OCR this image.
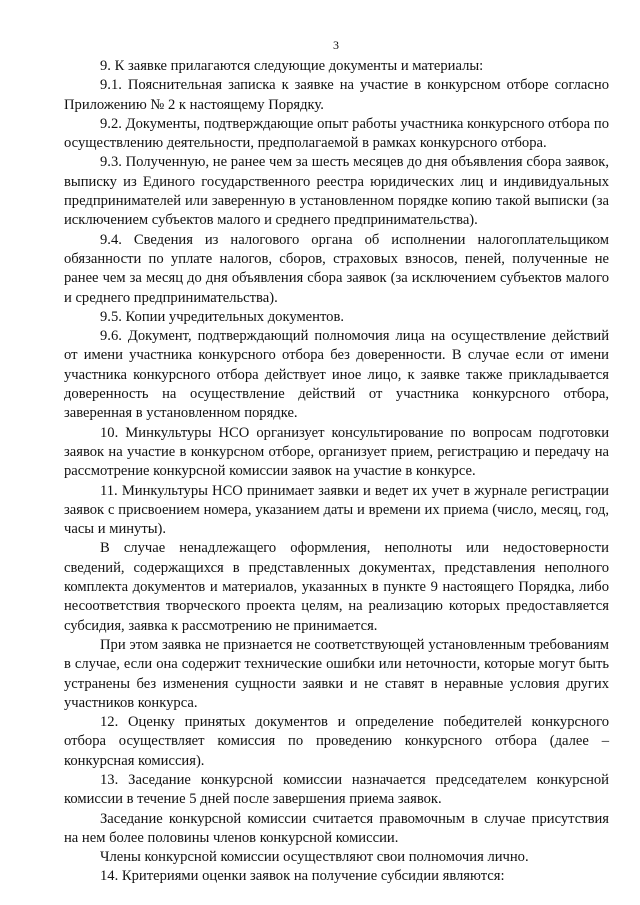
3

9. К заявке прилагаются следующие документы и материалы:

9.1. Пояснительная записка к заявке на участие в конкурсном отборе согласно Приложению № 2 к настоящему Порядку.

9.2. Документы, подтверждающие опыт работы участника конкурсного отбора по осуществлению деятельности, предполагаемой в рамках конкурсного отбора.

9.3. Полученную, не ранее чем за шесть месяцев до дня объявления сбора заявок, выписку из Единого государственного реестра юридических лиц и индивидуальных предпринимателей или заверенную в установленном порядке копию такой выписки (за исключением субъектов малого и среднего предпринимательства).

9.4. Сведения из налогового органа об исполнении налогоплательщиком обязанности по уплате налогов, сборов, страховых взносов, пеней, полученные не ранее чем за месяц до дня объявления сбора заявок (за исключением субъектов малого и среднего предпринимательства).

9.5. Копии учредительных документов.

9.6. Документ, подтверждающий полномочия лица на осуществление действий от имени участника конкурсного отбора без доверенности. В случае если от имени участника конкурсного отбора действует иное лицо, к заявке также прикладывается доверенность на осуществление действий от участника конкурсного отбора, заверенная в установленном порядке.

10. Минкультуры НСО организует консультирование по вопросам подготовки заявок на участие в конкурсном отборе, организует прием, регистрацию и передачу на рассмотрение конкурсной комиссии заявок на участие в конкурсе.

11. Минкультуры НСО принимает заявки и ведет их учет в журнале регистрации заявок с присвоением номера, указанием даты и времени их приема (число, месяц, год, часы и минуты).

В случае ненадлежащего оформления, неполноты или недостоверности сведений, содержащихся в представленных документах, представления неполного комплекта документов и материалов, указанных в пункте 9 настоящего Порядка, либо несоответствия творческого проекта целям, на реализацию которых предоставляется субсидия, заявка к рассмотрению не принимается.

При этом заявка не признается не соответствующей установленным требованиям в случае, если она содержит технические ошибки или неточности, которые могут быть устранены без изменения сущности заявки и не ставят в неравные условия других участников конкурса.

12. Оценку принятых документов и определение победителей конкурсного отбора осуществляет комиссия по проведению конкурсного отбора (далее – конкурсная комиссия).

13. Заседание конкурсной комиссии назначается председателем конкурсной комиссии в течение 5 дней после завершения приема заявок.

Заседание конкурсной комиссии считается правомочным в случае присутствия на нем более половины членов конкурсной комиссии.

Члены конкурсной комиссии осуществляют свои полномочия лично.

14. Критериями оценки заявок на получение субсидии являются:
